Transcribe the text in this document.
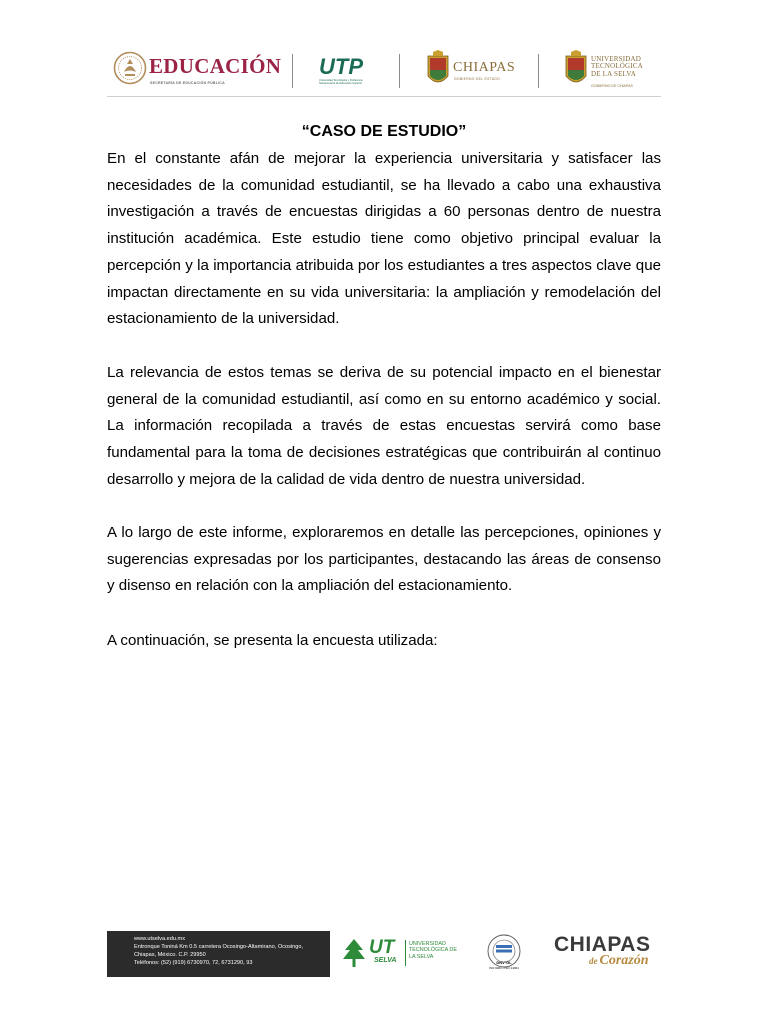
EDUCACIÓN
SECRETARÍA DE EDUCACIÓN PÚBLICA
UTP
Universidad Tecnológica y Politécnica. Subsecretaría de Educación Superior
CHIAPAS
GOBIERNO DEL ESTADO
UNIVERSIDAD TECNOLÓGICA DE LA SELVA
GOBIERNO DE CHIAPAS
“CASO DE ESTUDIO”

En el constante afán de mejorar la experiencia universitaria y satisfacer las necesidades de la comunidad estudiantil, se ha llevado a cabo una exhaustiva investigación a través de encuestas dirigidas a 60 personas dentro de nuestra institución académica. Este estudio tiene como objetivo principal evaluar la percepción y la importancia atribuida por los estudiantes a tres aspectos clave que impactan directamente en su vida universitaria: la ampliación y remodelación del estacionamiento de la universidad.

La relevancia de estos temas se deriva de su potencial impacto en el bienestar general de la comunidad estudiantil, así como en su entorno académico y social. La información recopilada a través de estas encuestas servirá como base fundamental para la toma de decisiones estratégicas que contribuirán al continuo desarrollo y mejora de la calidad de vida dentro de nuestra universidad.

A lo largo de este informe, exploraremos en detalle las percepciones, opiniones y sugerencias expresadas por los participantes, destacando las áreas de consenso y disenso en relación con la ampliación del estacionamiento.

A continuación, se presenta la encuesta utilizada:

www.utselva.edu.mx
Entronque Toniná Km 0.5 carretera Ocosingo-Altamirano, Ocosingo,
Chiapas, México. C.P. 29950
Teléfonos: (52) (919) 6730970, 72, 6731290, 93
UT
SELVA
UNIVERSIDAD TECNOLÓGICA DE LA SELVA
DNV·GL
ISO 9001 • ISO 14001
CHIAPAS
de Corazón
